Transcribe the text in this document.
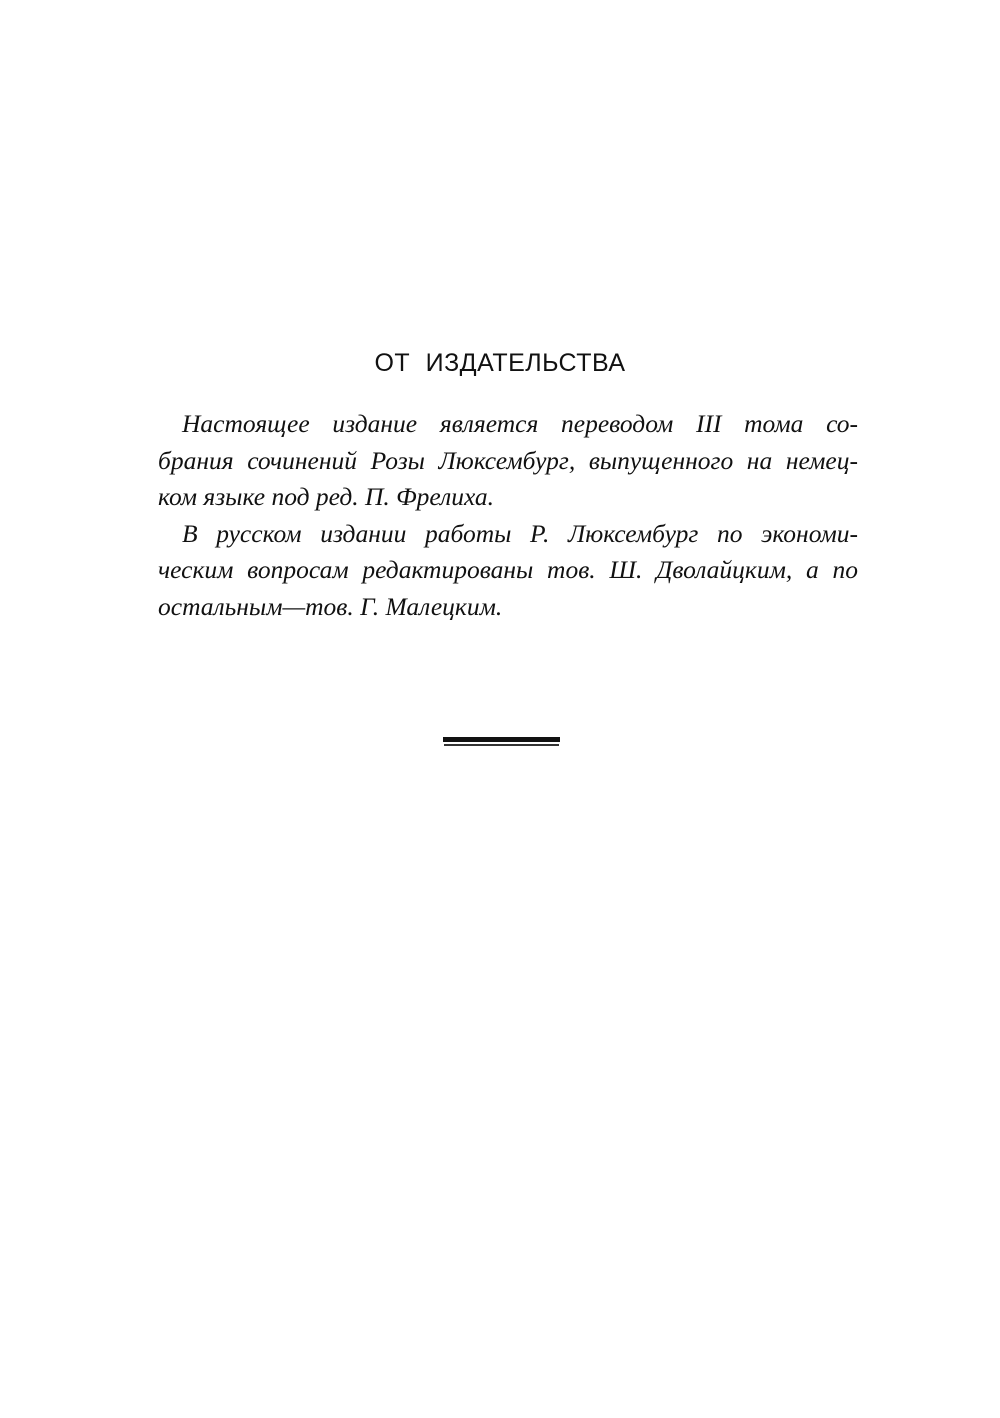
ОТ ИЗДАТЕЛЬСТВА
Настоящее издание является переводом III тома со-
брания сочинений Розы Люксембург, выпущенного на немец-
ком языке под ред. П. Фрелиха.
В русском издании работы Р. Люксембург по экономи-
ческим вопросам редактированы тов. Ш. Дволайцким, а по
остальным—тов. Г. Малецким.
